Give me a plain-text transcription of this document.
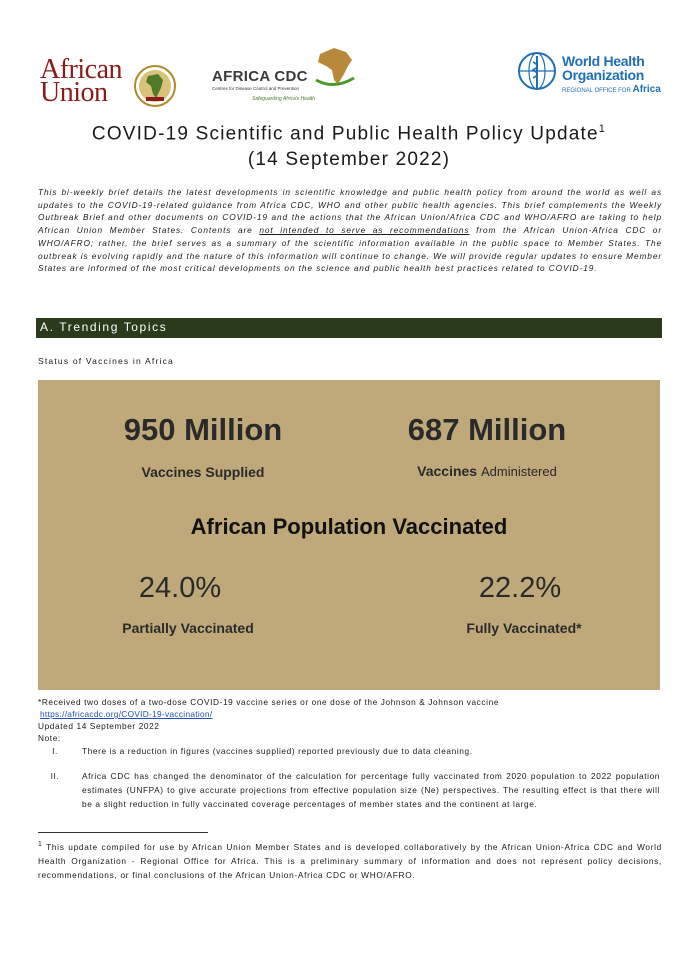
African
Union
AFRICA CDC
Centres for Disease Control and Prevention
Safeguarding Africa's Health
World Health
Organization
REGIONAL OFFICE FOR Africa
COVID-19 Scientific and Public Health Policy Update$^1$
(14 September 2022)
This bi-weekly brief details the latest developments in scientific knowledge and public health policy from around the world as well as updates to the COVID-19-related guidance from Africa CDC, WHO and other public health agencies. This brief complements the Weekly Outbreak Brief and other documents on COVID-19 and the actions that the African Union/Africa CDC and WHO/AFRO are taking to help African Union Member States. Contents are not intended to serve as recommendations from the African Union-Africa CDC or WHO/AFRO; rather, the brief serves as a summary of the scientific information available in the public space to Member States. The outbreak is evolving rapidly and the nature of this information will continue to change. We will provide regular updates to ensure Member States are informed of the most critical developments on the science and public health best practices related to COVID-19.
A. Trending Topics
Status of Vaccines in Africa
950 Million
Vaccines Supplied
687 Million
Vaccines Administered
African Population Vaccinated
24.0%
Partially Vaccinated
22.2%
Fully Vaccinated*
*Received two doses of a two-dose COVID-19 vaccine series or one dose of the Johnson & Johnson vaccine
https://africacdc.org/COVID-19-vaccination/
Updated 14 September 2022
Note:
I.	There is a reduction in figures (vaccines supplied) reported previously due to data cleaning.
II.	Africa CDC has changed the denominator of the calculation for percentage fully vaccinated from 2020 population to 2022 population estimates (UNFPA) to give accurate projections from effective population size (Ne) perspectives. The resulting effect is that there will be a slight reduction in fully vaccinated coverage percentages of member states and the continent at large.
$^1$ This update compiled for use by African Union Member States and is developed collaboratively by the African Union-Africa CDC and World Health Organization - Regional Office for Africa. This is a preliminary summary of information and does not represent policy decisions, recommendations, or final conclusions of the African Union-Africa CDC or WHO/AFRO.
